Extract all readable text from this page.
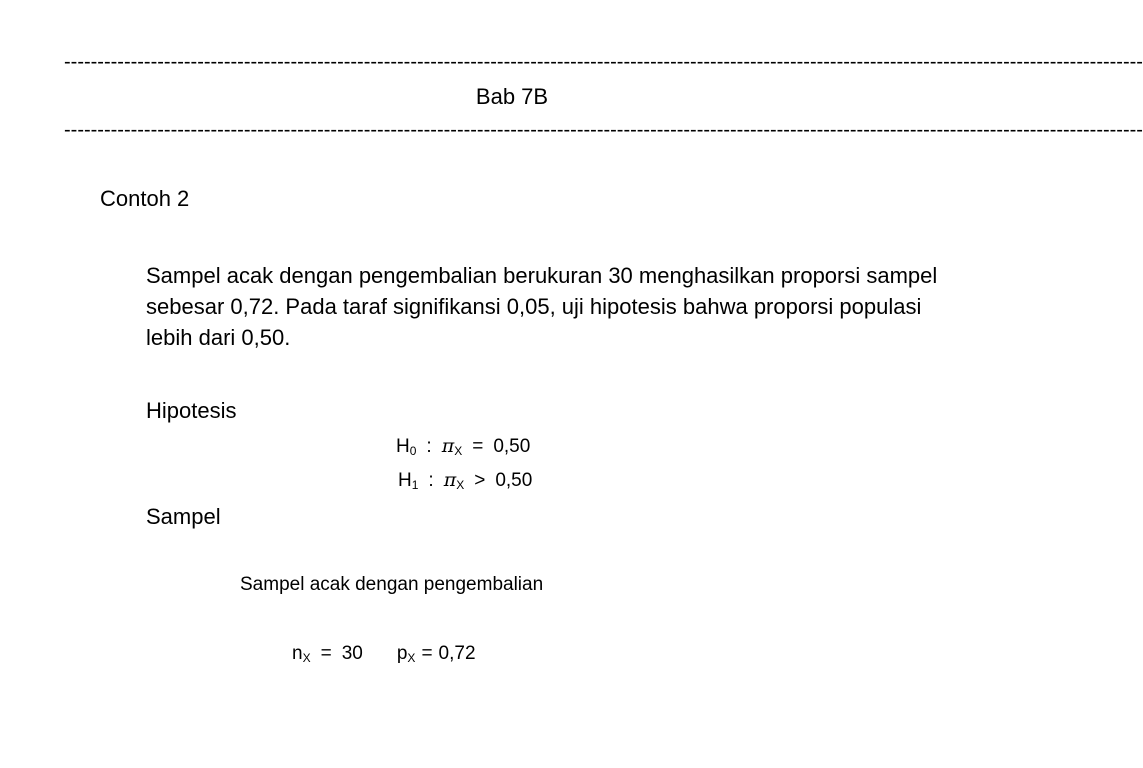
------------------------------------------------------------------------------------------------------------------------------------------------------------------
Bab 7B
------------------------------------------------------------------------------------------------------------------------------------------------------------------
Contoh 2
Sampel acak dengan pengembalian berukuran 30 menghasilkan proporsi sampel sebesar 0,72. Pada taraf signifikansi 0,05, uji hipotesis bahwa proporsi populasi lebih dari 0,50.
Hipotesis
$H_0$ : $\pi_X = 0,50$
$H_1$ : $\pi_X > 0,50$
Sampel
Sampel acak dengan pengembalian
$n_X = 30$ $p_X = 0,72$
